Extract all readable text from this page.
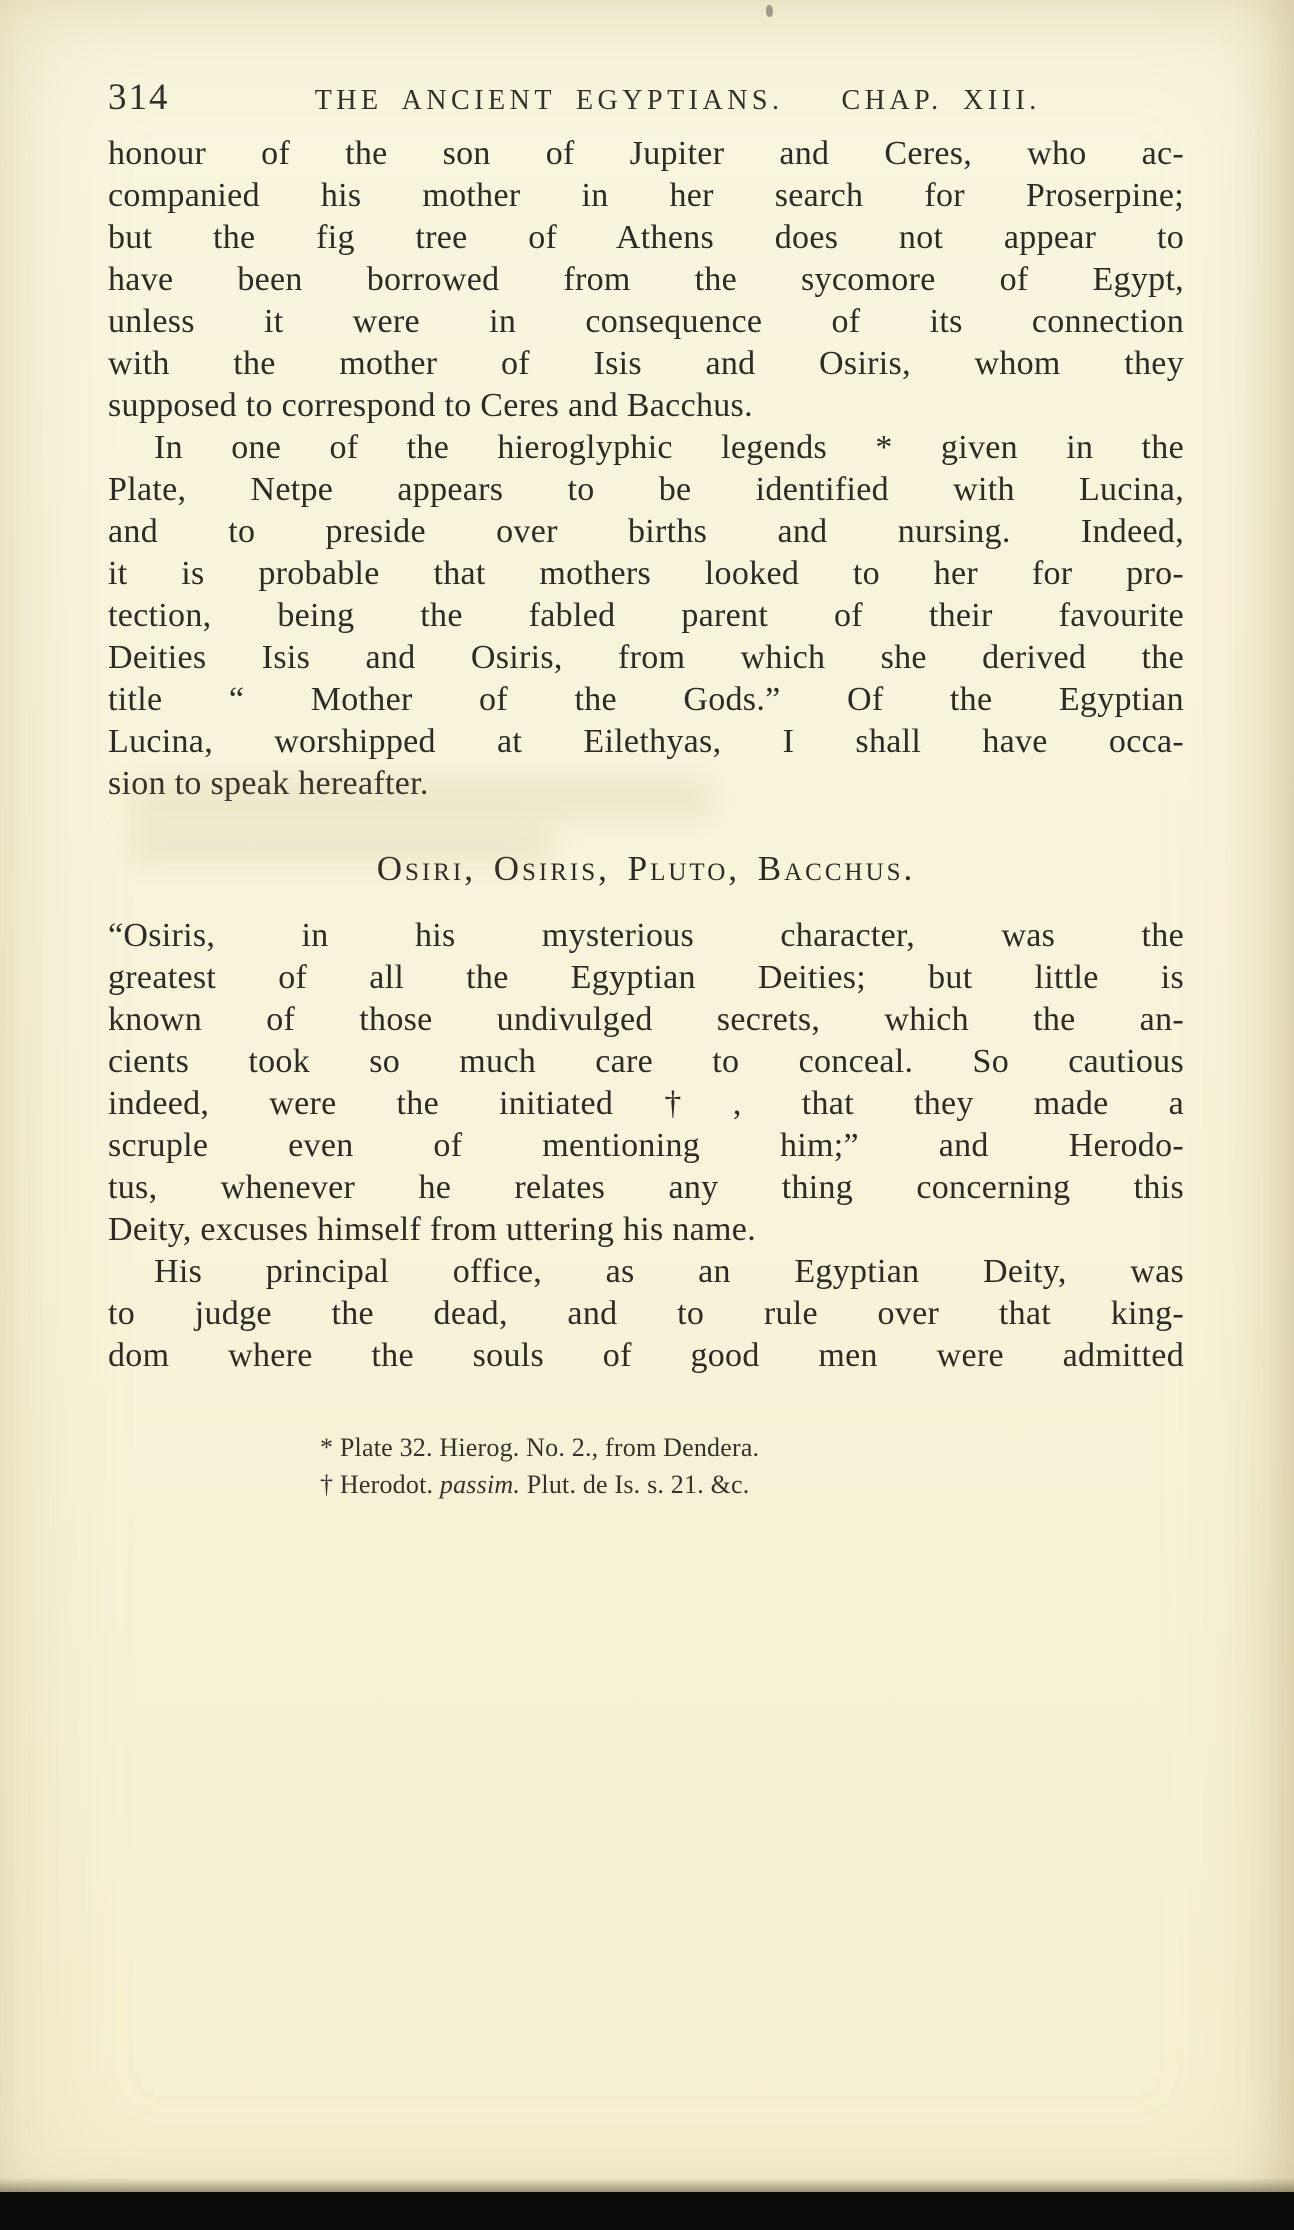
314	THE ANCIENT EGYPTIANS. CHAP. XIII.
honour of the son of Jupiter and Ceres, who ac-
companied his mother in her search for Proserpine;
but the fig tree of Athens does not appear to
have been borrowed from the sycomore of Egypt,
unless it were in consequence of its connection
with the mother of Isis and Osiris, whom they
supposed to correspond to Ceres and Bacchus.
In one of the hieroglyphic legends * given in the
Plate, Netpe appears to be identified with Lucina,
and to preside over births and nursing. Indeed,
it is probable that mothers looked to her for pro-
tection, being the fabled parent of their favourite
Deities Isis and Osiris, from which she derived the
title “ Mother of the Gods.” Of the Egyptian
Lucina, worshipped at Eilethyas, I shall have occa-
sion to speak hereafter.
Osiri, Osiris, Pluto, Bacchus.
“Osiris, in his mysterious character, was the
greatest of all the Egyptian Deities; but little is
known of those undivulged secrets, which the an-
cients took so much care to conceal. So cautious
indeed, were the initiated†, that they made a
scruple even of mentioning him;” and Herodo-
tus, whenever he relates any thing concerning this
Deity, excuses himself from uttering his name.
His principal office, as an Egyptian Deity, was
to judge the dead, and to rule over that king-
dom where the souls of good men were admitted
* Plate 32. Hierog. No. 2., from Dendera.
† Herodot. passim. Plut. de Is. s. 21. &c.
